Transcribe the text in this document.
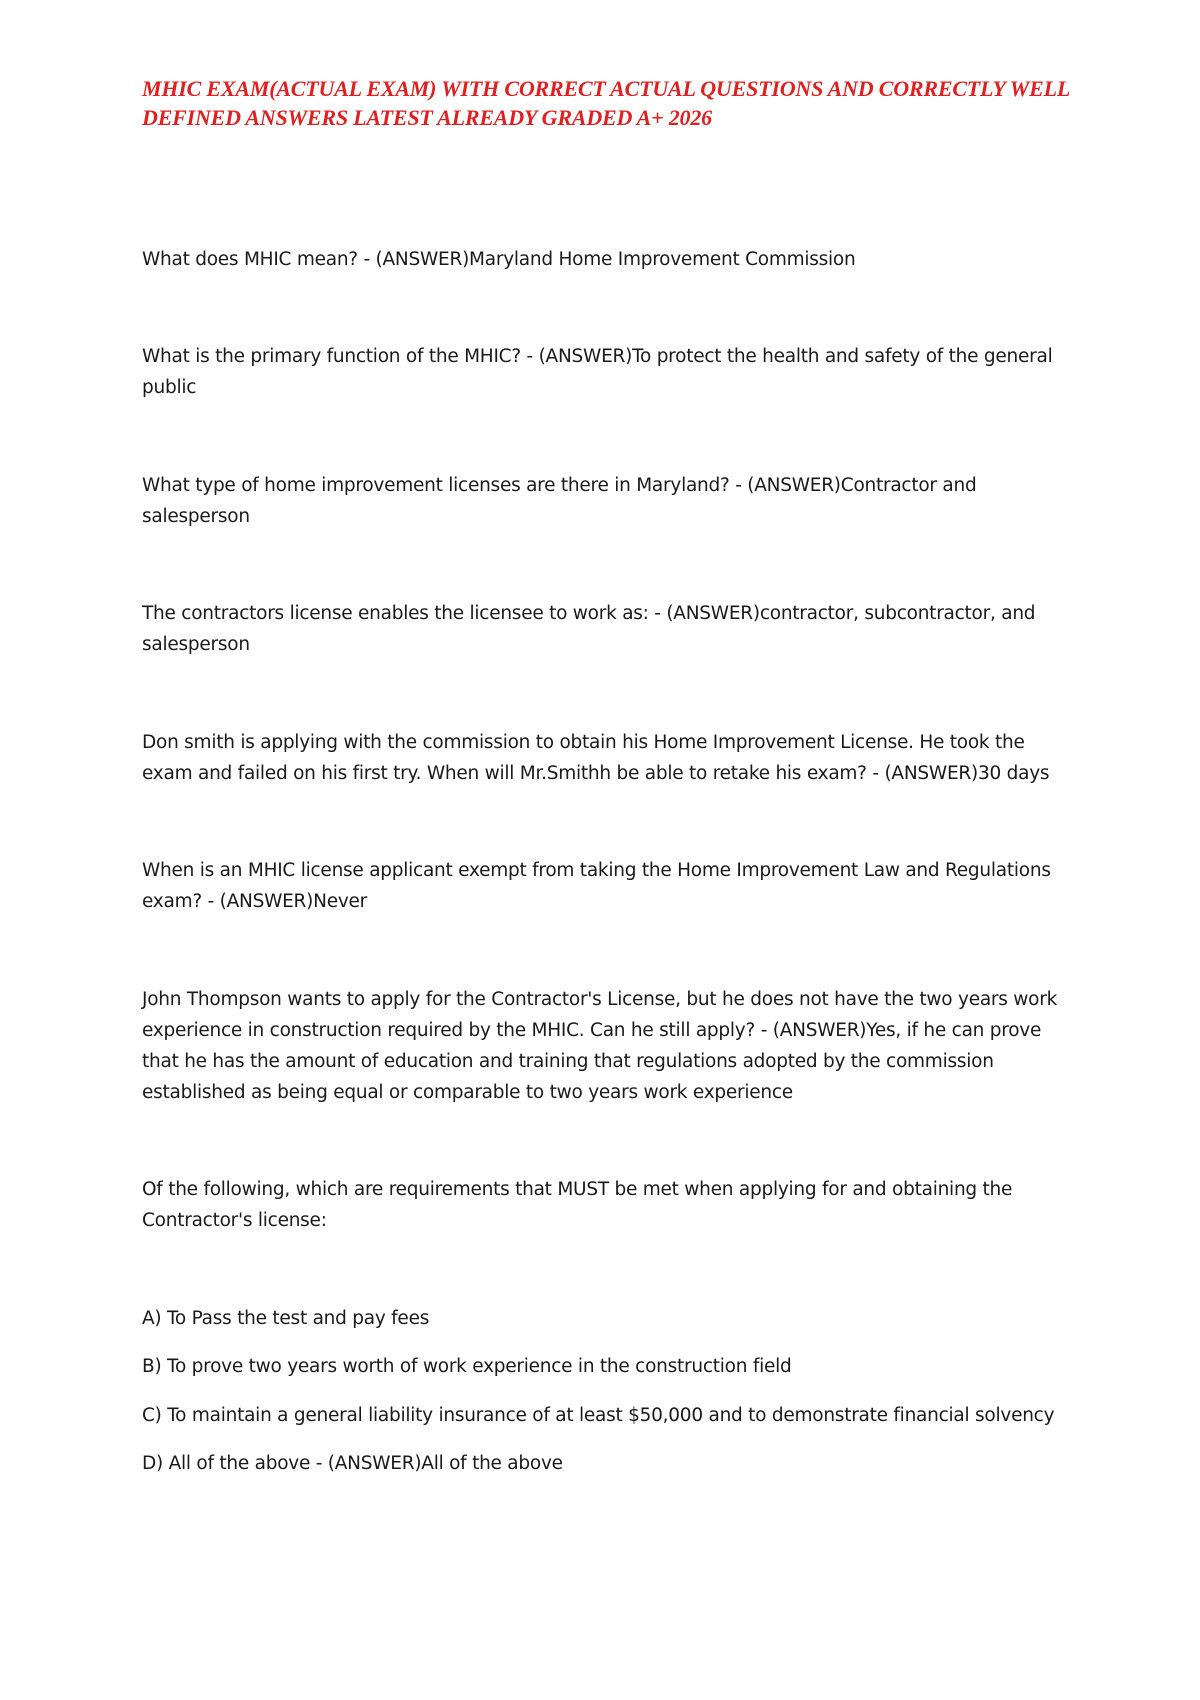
MHIC EXAM(ACTUAL EXAM) WITH CORRECT ACTUAL QUESTIONS AND CORRECTLY WELL DEFINED ANSWERS LATEST ALREADY GRADED A+ 2026

What does MHIC mean? - (ANSWER)Maryland Home Improvement Commission

What is the primary function of the MHIC? - (ANSWER)To protect the health and safety of the general public

What type of home improvement licenses are there in Maryland? - (ANSWER)Contractor and salesperson

The contractors license enables the licensee to work as: - (ANSWER)contractor, subcontractor, and salesperson

Don smith is applying with the commission to obtain his Home Improvement License. He took the exam and failed on his first try. When will Mr.Smithh be able to retake his exam? - (ANSWER)30 days

When is an MHIC license applicant exempt from taking the Home Improvement Law and Regulations exam? - (ANSWER)Never

John Thompson wants to apply for the Contractor's License, but he does not have the two years work experience in construction required by the MHIC. Can he still apply? - (ANSWER)Yes, if he can prove that he has the amount of education and training that regulations adopted by the commission established as being equal or comparable to two years work experience

Of the following, which are requirements that MUST be met when applying for and obtaining the Contractor's license:

A) To Pass the test and pay fees

B) To prove two years worth of work experience in the construction field

C) To maintain a general liability insurance of at least $50,000 and to demonstrate financial solvency

D) All of the above - (ANSWER)All of the above
